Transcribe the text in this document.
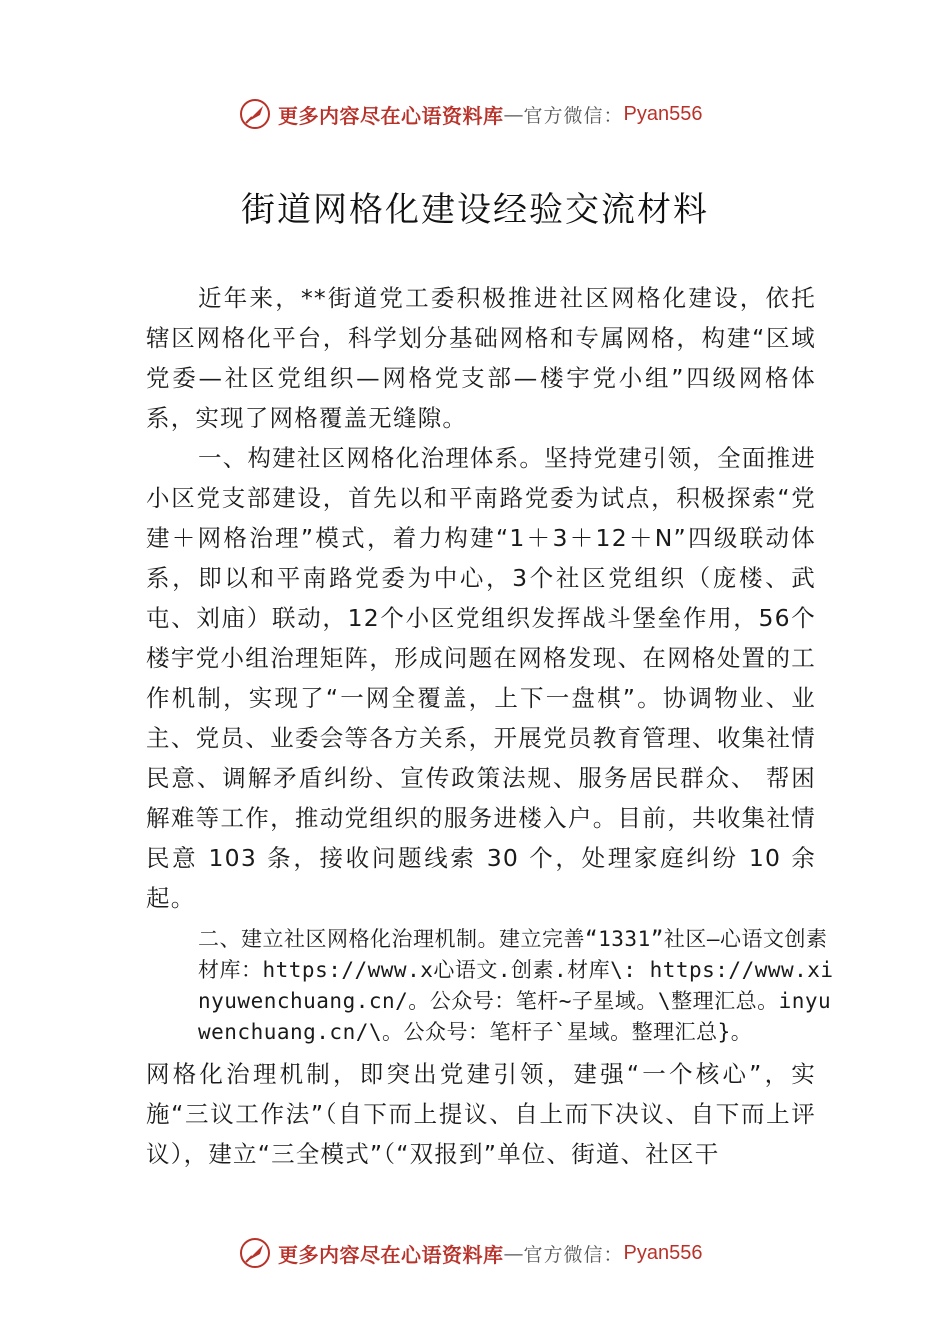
更多内容尽在心语资料库 — 官方微信： Pyan556
街道网格化建设经验交流材料

近年来，**街道党工委积极推进社区网格化建设，依托辖区网格化平台，科学划分基础网格和专属网格，构建“区域党委—社区党组织—网格党支部—楼宇党小组”四级网格体系，实现了网格覆盖无缝隙。

一、构建社区网格化治理体系。坚持党建引领，全面推进小区党支部建设，首先以和平南路党委为试点，积极探索“党建＋网格治理”模式，着力构建“1＋3＋12＋N”四级联动体系，即以和平南路党委为中心，3个社区党组织（庞楼、武屯、刘庙）联动，12个小区党组织发挥战斗堡垒作用，56个楼宇党小组治理矩阵，形成问题在网格发现、在网格处置的工作机制，实现了“一网全覆盖，上下一盘棋”。协调物业、业主、党员、业委会等各方关系，开展党员教育管理、收集社情民意、调解矛盾纠纷、宣传政策法规、服务居民群众、 帮困解难等工作，推动党组织的服务进楼入户。目前，共收集社情民意 103 条，接收问题线索 30 个，处理家庭纠纷 10 余起。

二、建立社区网格化治理机制。建立完善“1331”社区—心语文创素材库：https://www.x心语文.创素.材库\: https://www.xinyuwenchuang.cn/。公众号：笔杆~子星域。\整理汇总。inyuwenchuang.cn/\。公众号：笔杆子`星域。整理汇总}。

网格化治理机制，即突出党建引领，建强“一个核心”，实施“三议工作法”（自下而上提议、自上而下决议、自下而上评议），建立“三全模式”（“双报到”单位、街道、社区干

更多内容尽在心语资料库 — 官方微信： Pyan556
